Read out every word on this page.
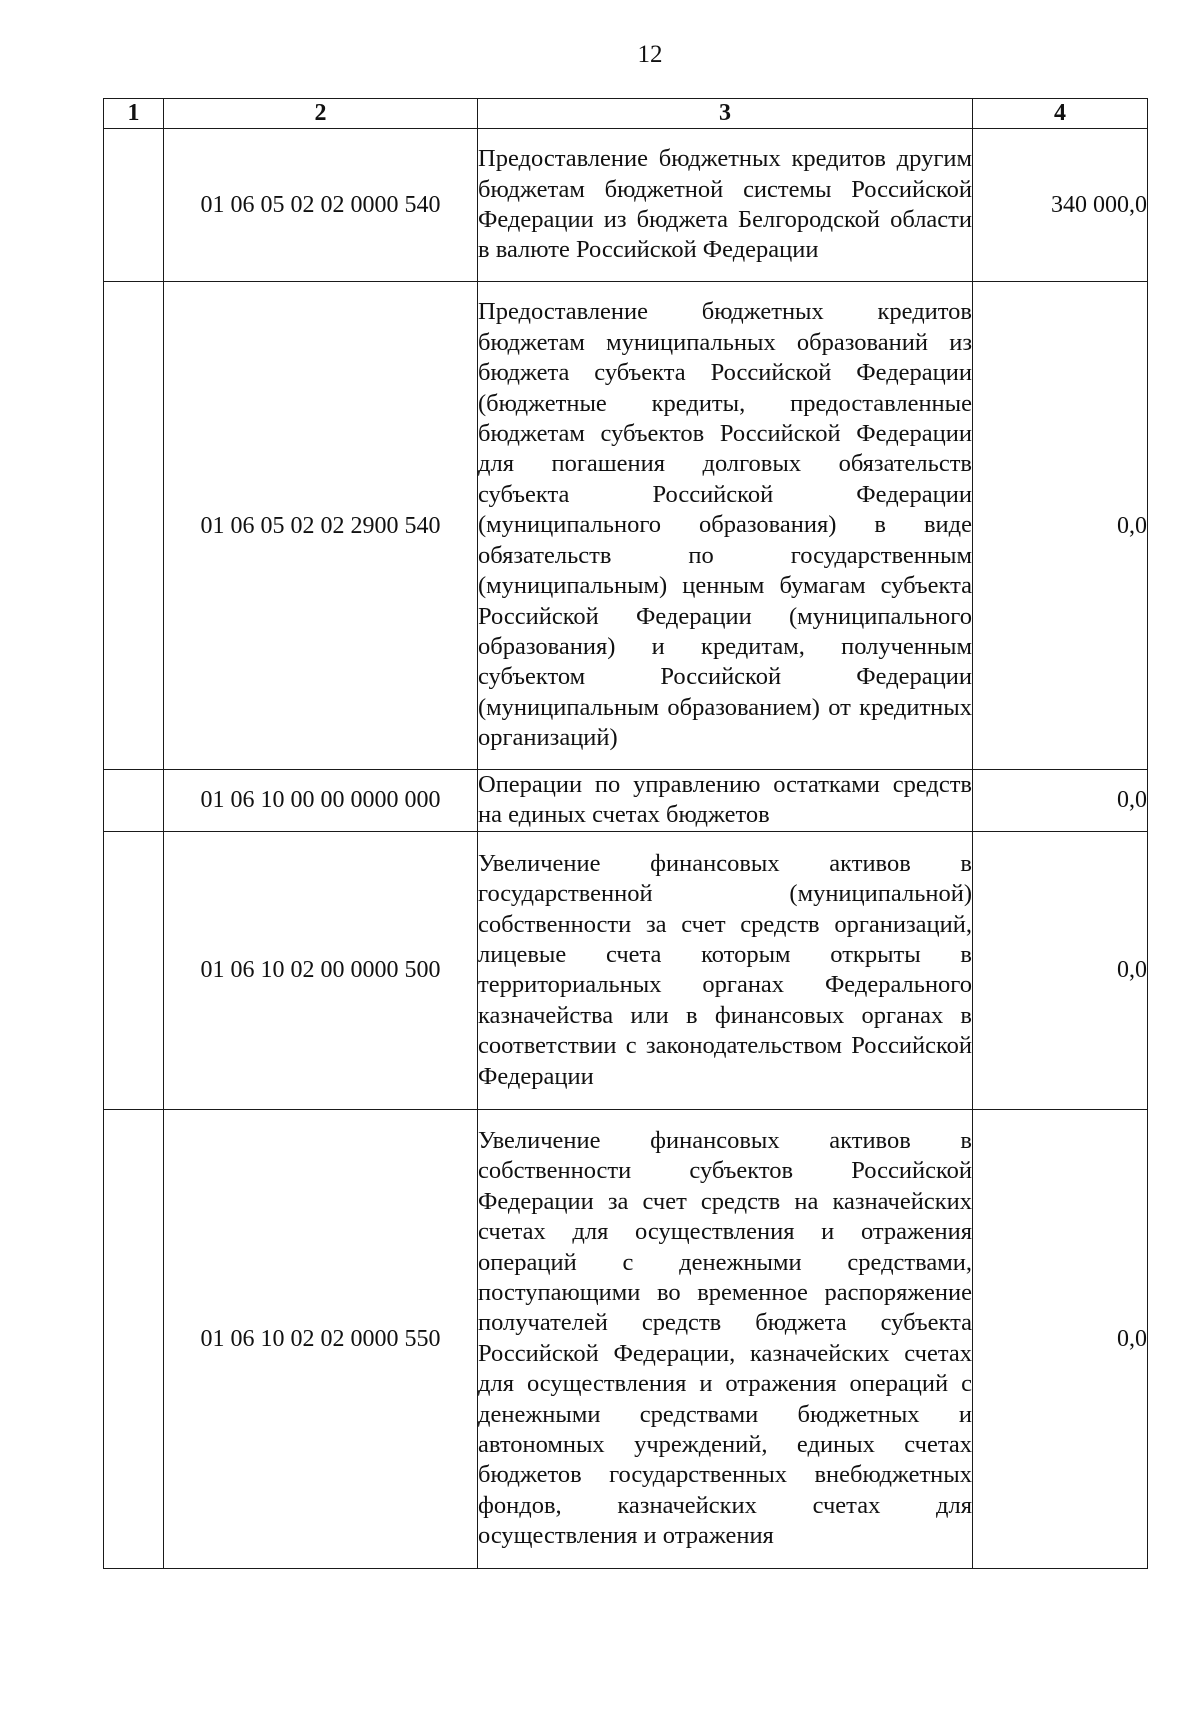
12
1	2	3	4
	01 06 05 02 02 0000 540	Предоставление бюджетных кредитов другим бюджетам бюджетной системы Российской Федерации из бюджета Белгородской области в валюте Российской Федерации	340 000,0
	01 06 05 02 02 2900 540	Предоставление бюджетных кредитов бюджетам муниципальных образований из бюджета субъекта Российской Федерации (бюджетные кредиты, предоставленные бюджетам субъектов Российской Федерации для погашения долговых обязательств субъекта Российской Федерации (муниципального образования) в виде обязательств по государственным (муниципальным) ценным бумагам субъекта Российской Федерации (муниципального образования) и кредитам, полученным субъектом Российской Федерации (муниципальным образованием) от кредитных организаций)	0,0
	01 06 10 00 00 0000 000	Операции по управлению остатками средств на единых счетах бюджетов	0,0
	01 06 10 02 00 0000 500	Увеличение финансовых активов в государственной (муниципальной) собственности за счет средств организаций, лицевые счета которым открыты в территориальных органах Федерального казначейства или в финансовых органах в соответствии с законодательством Российской Федерации	0,0
	01 06 10 02 02 0000 550	Увеличение финансовых активов в собственности субъектов Российской Федерации за счет средств на казначейских счетах для осуществления и отражения операций с денежными средствами, поступающими во временное распоряжение получателей средств бюджета субъекта Российской Федерации, казначейских счетах для осуществления и отражения операций с денежными средствами бюджетных и автономных учреждений, единых счетах бюджетов государственных внебюджетных фондов, казначейских счетах для осуществления и отражения	0,0
